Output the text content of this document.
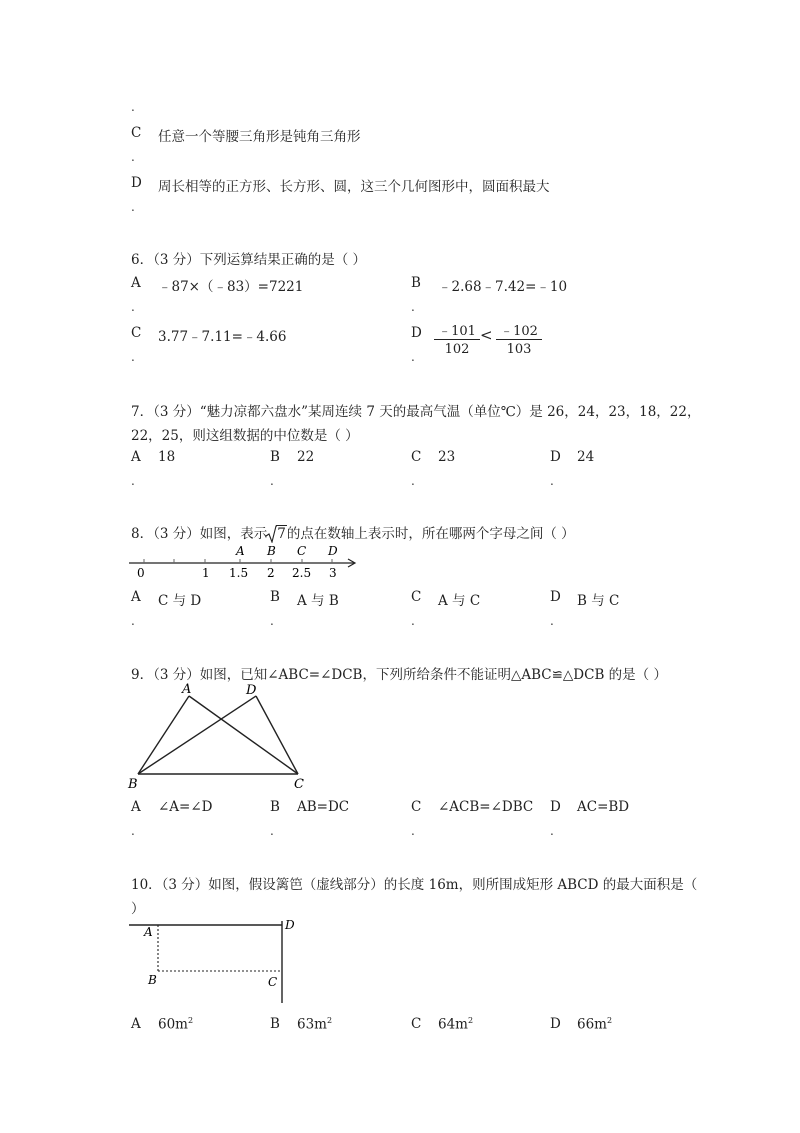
.
C 任意一个等腰三角形是钝角三角形
.
D 周长相等的正方形、长方形、圆，这三个几何图形中，圆面积最大
.
6．（3 分）下列运算结果正确的是（ ）
A ﹣87×（﹣83）=7221	B ﹣2.68﹣7.42=﹣10
.	.
C 3.77﹣7.11=﹣4.66	D	﹣101
102
< ﹣102
103
.	.
7．（3 分）“魅力凉都六盘水”某周连续 7 天的最高气温（单位℃）是 26，24，23，18，22，
22，25，则这组数据的中位数是（ ）
A 18	B 22	C 23	D 24
.	.	.	.
8．（3 分）如图，表示 7的点在数轴上表示时，所在哪两个字母之间（ ）
A B C D
0	1 1.5 2 2.5 3
A C 与 D	B A 与 B	C A 与 C	D B 与 C
.	.	.	.
9．（3 分）如图，已知∠ABC=∠DCB，下列所给条件不能证明△ABC≌△DCB 的是（ ）
A	D
B	C
A ∠A=∠D	B AB=DC	C ∠ACB=∠DBC D AC=BD
.	.	.	.
10．（3 分）如图，假设篱笆（虚线部分）的长度 16m，则所围成矩形 ABCD 的最大面积是（
）
A
B	C
D
A $60m^2$	B $63m^2$	C $64m^2$	D $66m^2$
